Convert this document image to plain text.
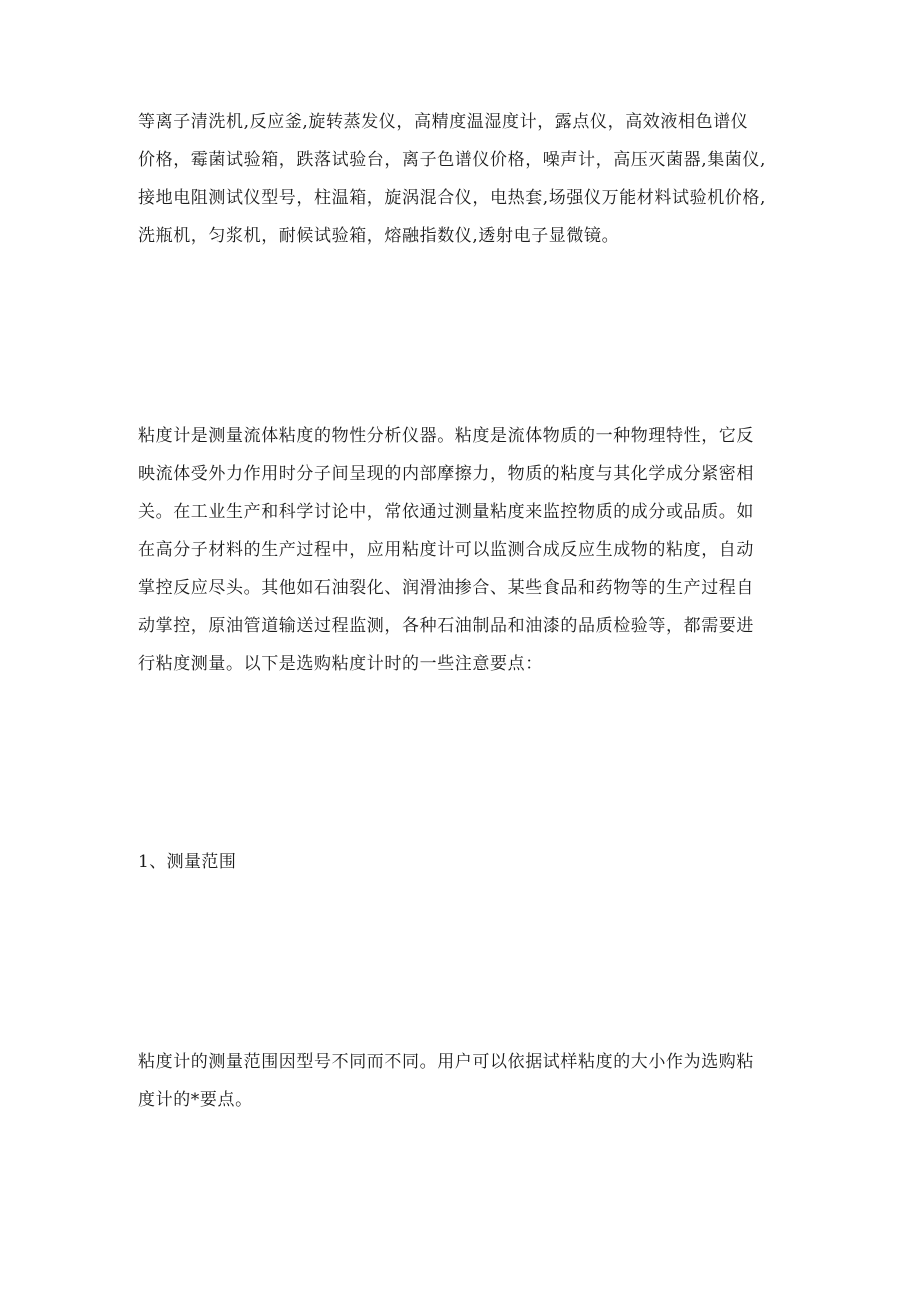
等离子清洗机,反应釜,旋转蒸发仪，高精度温湿度计，露点仪，高效液相色谱仪
价格，霉菌试验箱，跌落试验台，离子色谱仪价格，噪声计，高压灭菌器,集菌仪,
接地电阻测试仪型号，柱温箱，旋涡混合仪，电热套,场强仪万能材料试验机价格,
洗瓶机，匀浆机，耐候试验箱，熔融指数仪,透射电子显微镜。
粘度计是测量流体粘度的物性分析仪器。粘度是流体物质的一种物理特性，它反
映流体受外力作用时分子间呈现的内部摩擦力，物质的粘度与其化学成分紧密相
关。在工业生产和科学讨论中，常依通过测量粘度来监控物质的成分或品质。如
在高分子材料的生产过程中，应用粘度计可以监测合成反应生成物的粘度，自动
掌控反应尽头。其他如石油裂化、润滑油掺合、某些食品和药物等的生产过程自
动掌控，原油管道输送过程监测，各种石油制品和油漆的品质检验等，都需要进
行粘度测量。以下是选购粘度计时的一些注意要点：
1、测量范围
粘度计的测量范围因型号不同而不同。用户可以依据试样粘度的大小作为选购粘
度计的*要点。
